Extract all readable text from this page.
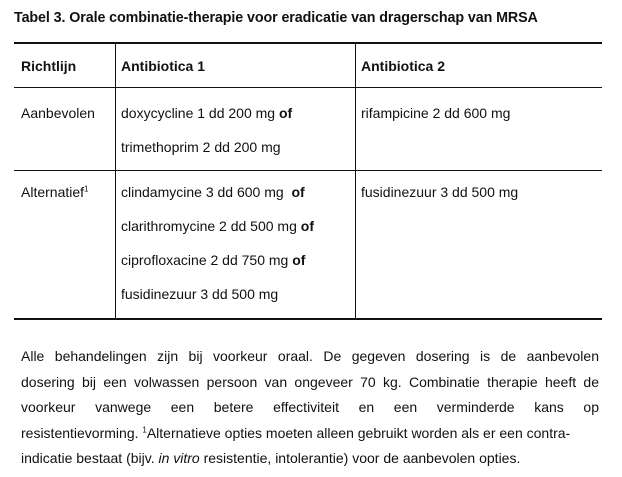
Tabel 3. Orale combinatie-therapie voor eradicatie van dragerschap van MRSA
Richtlijn	Antibiotica 1	Antibiotica 2
Aanbevolen doxycycline 1 dd 200 mg of
trimethoprim 2 dd 200 mg
rifampicine 2 dd 600 mg
Alternatief$^1$ clindamycine 3 dd 600 mg  of
clarithromycine 2 dd 500 mg of
ciprofloxacine 2 dd 750 mg of
fusidinezuur 3 dd 500 mg
fusidinezuur 3 dd 500 mg
Alle behandelingen zijn bij voorkeur oraal. De gegeven dosering is de aanbevolen
dosering bij een volwassen persoon van ongeveer 70 kg. Combinatie therapie heeft de
voorkeur vanwege een betere effectiviteit en een verminderde kans op
resistentievorming. $^1$Alternatieve opties moeten alleen gebruikt worden als er een contra-
indicatie bestaat (bijv. in vitro resistentie, intolerantie) voor de aanbevolen opties.
